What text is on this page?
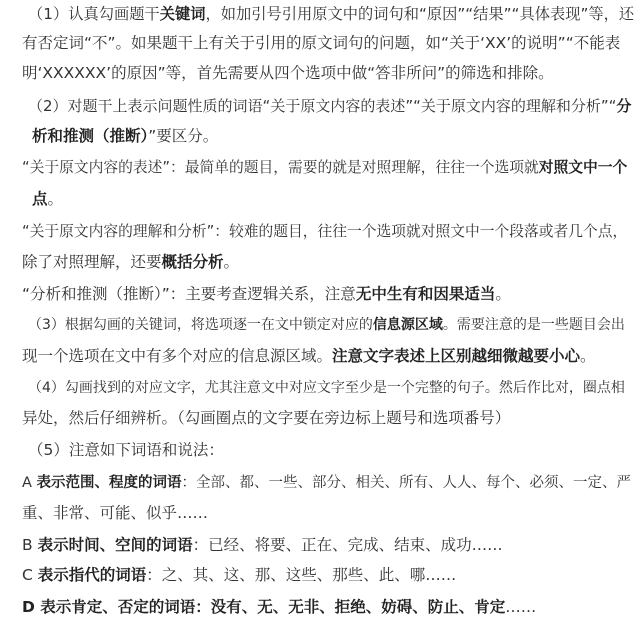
（1）认真勾画题干关键词，如加引号引用原文中的词句和“原因”“结果”“具体表现”等，还
有否定词“不”。如果题干上有关于引用的原文词句的问题，如“关于‘XX’的说明”“不能表
明‘XXXXXX’的原因”等，首先需要从四个选项中做“答非所问”的筛选和排除。
（2）对题干上表示问题性质的词语“关于原文内容的表述”“关于原文内容的理解和分析”“分
析和推测（推断）”要区分。
“关于原文内容的表述”：最简单的题目，需要的就是对照理解，往往一个选项就对照文中一个
点。
“关于原文内容的理解和分析”：较难的题目，往往一个选项就对照文中一个段落或者几个点，
除了对照理解，还要概括分析。
“分析和推测（推断）”：主要考查逻辑关系，注意无中生有和因果适当。
（3）根据勾画的关键词，将选项逐一在文中锁定对应的信息源区域。需要注意的是一些题目会出
现一个选项在文中有多个对应的信息源区域。注意文字表述上区别越细微越要小心。
（4）勾画找到的对应文字，尤其注意文中对应文字至少是一个完整的句子。然后作比对，圈点相
异处，然后仔细辨析。（勾画圈点的文字要在旁边标上题号和选项番号）
（5）注意如下词语和说法：
A 表示范围、程度的词语：全部、都、一些、部分、相关、所有、人人、每个、必须、一定、严
重、非常、可能、似乎……
B 表示时间、空间的词语：已经、将要、正在、完成、结束、成功……
C 表示指代的词语：之、其、这、那、这些、那些、此、哪……
D 表示肯定、否定的词语：没有、无、无非、拒绝、妨碍、防止、肯定……
